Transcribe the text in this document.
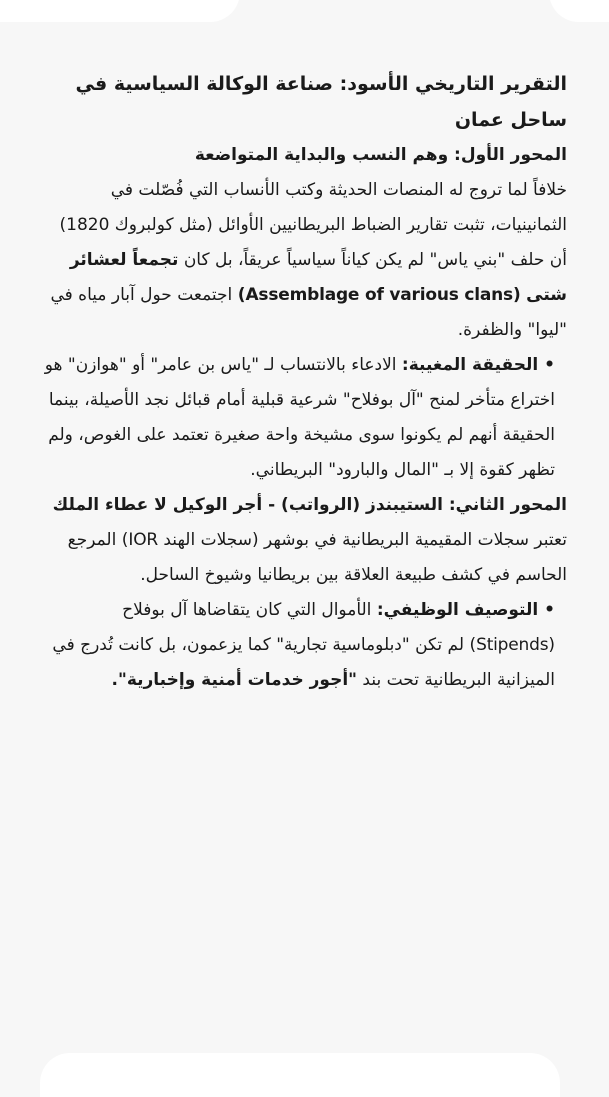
التقرير التاريخي الأسود: صناعة الوكالة السياسية في ساحل عمان

المحور الأول: وهم النسب والبداية المتواضعة

خلافاً لما تروج له المنصات الحديثة وكتب الأنساب التي فُصّلت في الثمانينيات، تثبت تقارير الضباط البريطانيين الأوائل (مثل كولبروك 1820) أن حلف "بني ياس" لم يكن كياناً سياسياً عريقاً، بل كان تجمعاً لعشائر شتى (Assemblage of various clans) اجتمعت حول آبار مياه في "ليوا" والظفرة.

• الحقيقة المغيبة: الادعاء بالانتساب لـ "ياس بن عامر" أو "هوازن" هو اختراع متأخر لمنح "آل بوفلاح" شرعية قبلية أمام قبائل نجد الأصيلة، بينما الحقيقة أنهم لم يكونوا سوى مشيخة واحة صغيرة تعتمد على الغوص، ولم تظهر كقوة إلا بـ "المال والبارود" البريطاني.

المحور الثاني: الستيبندز (الرواتب) - أجر الوكيل لا عطاء الملك

تعتبر سجلات المقيمية البريطانية في بوشهر (سجلات الهند IOR) المرجع الحاسم في كشف طبيعة العلاقة بين بريطانيا وشيوخ الساحل.

• التوصيف الوظيفي: الأموال التي كان يتقاضاها آل بوفلاح (Stipends) لم تكن "دبلوماسية تجارية" كما يزعمون، بل كانت تُدرج في الميزانية البريطانية تحت بند "أجور خدمات أمنية وإخبارية".
